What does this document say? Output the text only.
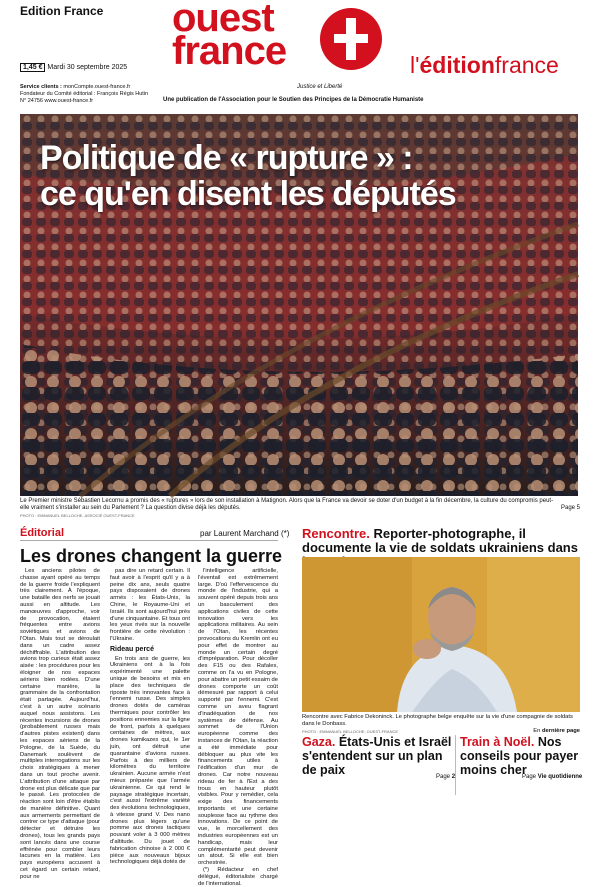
Edition France ouest
france
Justice et Liberté
l'éditionfrance
1,45 € Mardi 30 septembre 2025
Service clients : monCompte.ouest-france.fr
Fondateur du Comité éditorial : François Régis Hutin
N° 24756 www.ouest-france.fr	Une publication de l'Association pour le Soutien des Principes de la Démocratie Humaniste
Politique de « rupture » :
ce qu'en disent les députés
Le Premier ministre Sébastien Lecornu a promis des « ruptures » lors de son installation à Matignon. Alors que la France va devoir se doter d'un budget à la fin décembre, la culture du compromis peut-elle vraiment s'installer au sein du Parlement ? La question divise déjà les députés.
PHOTO : EMMANUEL BELLOCHE, ASSOCIÉ OUEST-FRANCE
Page 5
Éditorial	par Laurent Marchand (*)
Les drones changent la guerre

Les anciens pilotes de chasse ayant opéré au temps de la guerre froide l'expliquent très clairement. À l'époque, une bataille des nerfs se jouait aussi en altitude. Les manœuvres d'approche, voir de provocation, étaient fréquentes entre avions soviétiques et avions de l'Otan. Mais tout se déroulait dans un cadre assez déchiffrable. L'attribution des avions trop curieux était assez aisée : les procédures pour les éloigner de nos espaces aériens bien rodées. D'une certaine manière, la grammaire de la confrontation était partagée. Aujourd'hui, c'est à un autre scénario auquel nous assistons. Les récentes incursions de drones (probablement russes mais d'autres pistes existent) dans les espaces aériens de la Pologne, de la Suède, du Danemark soulèvent de multiples interrogations sur les choix stratégiques à mener dans un tout proche avenir. L'attribution d'une attaque par drone est plus délicate que par le passé. Les protocoles de réaction sont loin d'être établis de manière définitive. Quant aux armements permettant de contrer ce type d'attaque (pour détecter et détruire les drones), tous les grands pays sont lancés dans une course effrénée pour combler leurs lacunes en la matière. Les pays européens accusent à cet égard un certain retard, pour ne

pas dire un retard certain. Il faut avoir à l'esprit qu'il y a à peine dix ans, seuls quatre pays disposaient de drones armés : les États-Unis, la Chine, le Royaume-Uni et Israël. Ils sont aujourd'hui près d'une cinquantaine. Et tous ont les yeux rivés sur la nouvelle frontière de cette révolution : l'Ukraine.

Rideau percé

En trois ans de guerre, les Ukrainiens ont à la fois expérimenté une palette unique de besoins et mis en place des techniques de riposte très innovantes face à l'ennemi russe. Des simples drones dotés de caméras thermiques pour contrôler les positions ennemies sur la ligne de front, parfois à quelques centaines de mètres, aux drones kamikazes qui, le 1er juin, ont détruit une quarantaine d'avions russes. Parfois à des milliers de kilomètres du territoire ukrainien. Aucune armée n'est mieux préparée que l'armée ukrainienne. Ce qui rend le paysage stratégique incertain, c'est aussi l'extrême variété des évolutions technologiques, à vitesse grand V. Des nano drones plus légers qu'une pomme aux drones tactiques pouvant voler à 3 000 mètres d'altitude. Du jouet de fabrication chinoise à 2 000 € pièce aux nouveaux bijoux technologiques déjà dotés de

l'intelligence artificielle, l'éventail est extrêmement large. D'où l'effervescence du monde de l'industrie, qui a souvent opéré depuis trois ans un basculement des applications civiles de cette innovation vers les applications militaires. Au sein de l'Otan, les récentes provocations du Kremlin ont eu pour effet de montrer au monde un certain degré d'impréparation. Pour décoller des F15 ou des Rafales, comme on l'a vu en Pologne, pour abattre un petit essaim de drones comporte un coût démesuré par rapport à celui supporté par l'ennemi. C'est comme un aveu flagrant d'inadéquation de nos systèmes de défense. Au sommet de l'Union européenne comme des instances de l'Otan, la réaction a été immédiate pour débloquer au plus vite les financements utiles à l'édification d'un mur de drones. Car notre nouveau rideau de fer à l'Est a des trous en hauteur plutôt visibles. Pour y remédier, cela exige des financements importants et une certaine souplesse face au rythme des innovations. De ce point de vue, le morcellement des industries européennes est un handicap, mais leur complémentarité peut devenir un atout. Si elle est bien orchestrée.

(*) Rédacteur en chef délégué, éditorialiste chargé de l'international.

Rencontre. Reporter-photographe, il documente la vie de soldats ukrainiens dans
Rencontre avec Fabrice Dekoninck. Le photographe belge enquête sur la vie d'une compagnie de soldats dans le Donbass.
PHOTO : EMMANUEL BELLOCHE, OUEST-FRANCE	En dernière page
Gaza. États-Unis et Israël s'entendent sur un plan de paix	Page 2
Train à Noël. Nos conseils pour payer moins cher
Page Vie quotidienne
